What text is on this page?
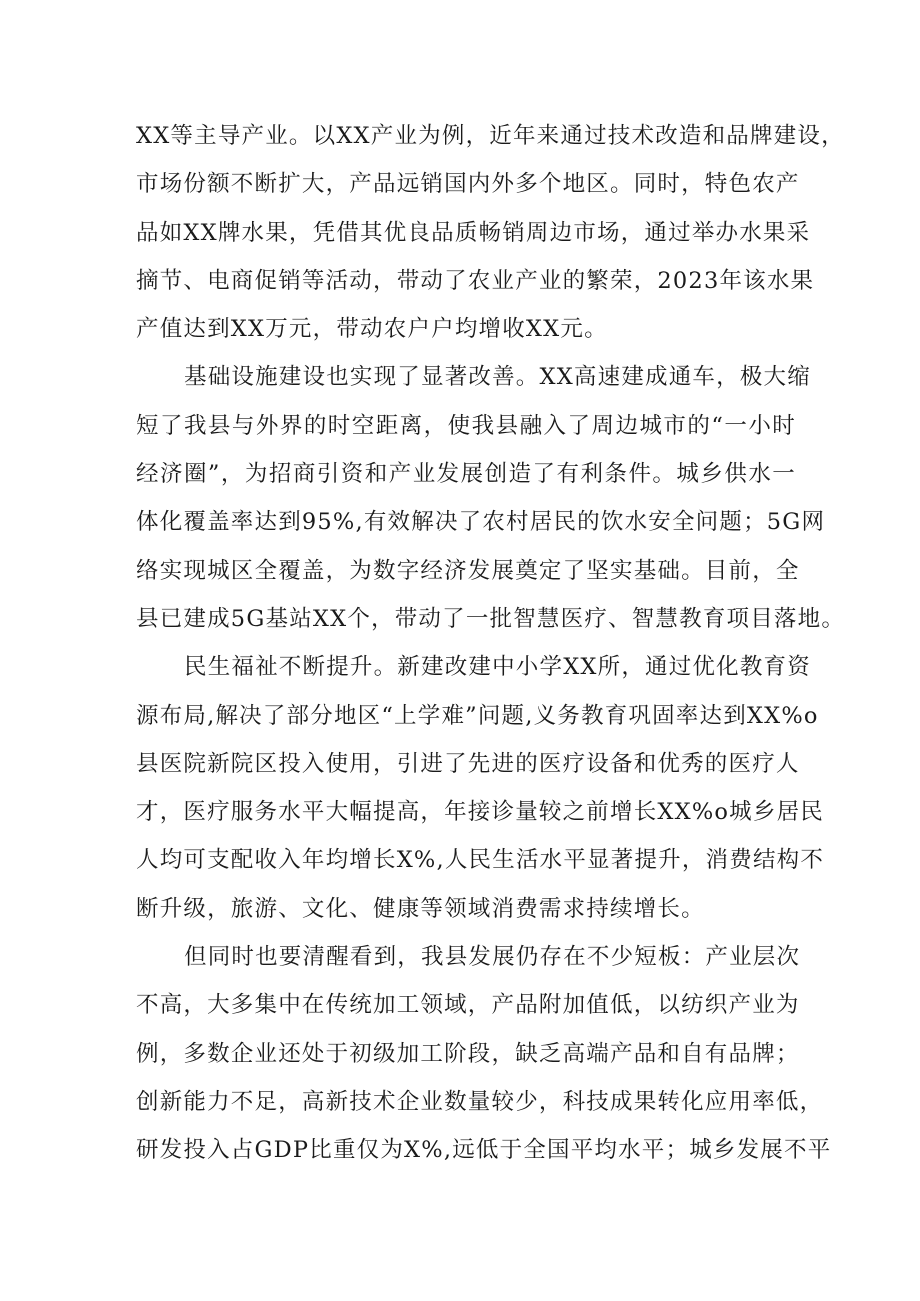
XX等主导产业。以XX产业为例，近年来通过技术改造和品牌建设，
市场份额不断扩大，产品远销国内外多个地区。同时，特色农产
品如XX牌水果，凭借其优良品质畅销周边市场，通过举办水果采
摘节、电商促销等活动，带动了农业产业的繁荣，2023年该水果
产值达到XX万元，带动农户户均增收XX元。
基础设施建设也实现了显著改善。XX高速建成通车，极大缩
短了我县与外界的时空距离，使我县融入了周边城市的“一小时
经济圈”，为招商引资和产业发展创造了有利条件。城乡供水一
体化覆盖率达到95%,有效解决了农村居民的饮水安全问题；5G网
络实现城区全覆盖，为数字经济发展奠定了坚实基础。目前，全
县已建成5G基站XX个，带动了一批智慧医疗、智慧教育项目落地。
民生福祉不断提升。新建改建中小学XX所，通过优化教育资
源布局,解决了部分地区“上学难”问题,义务教育巩固率达到XX%o
县医院新院区投入使用，引进了先进的医疗设备和优秀的医疗人
才，医疗服务水平大幅提高，年接诊量较之前增长XX%o城乡居民
人均可支配收入年均增长X%,人民生活水平显著提升，消费结构不
断升级，旅游、文化、健康等领域消费需求持续增长。
但同时也要清醒看到，我县发展仍存在不少短板：产业层次
不高，大多集中在传统加工领域，产品附加值低，以纺织产业为
例，多数企业还处于初级加工阶段，缺乏高端产品和自有品牌；
创新能力不足，高新技术企业数量较少，科技成果转化应用率低，
研发投入占GDP比重仅为X%,远低于全国平均水平；城乡发展不平
